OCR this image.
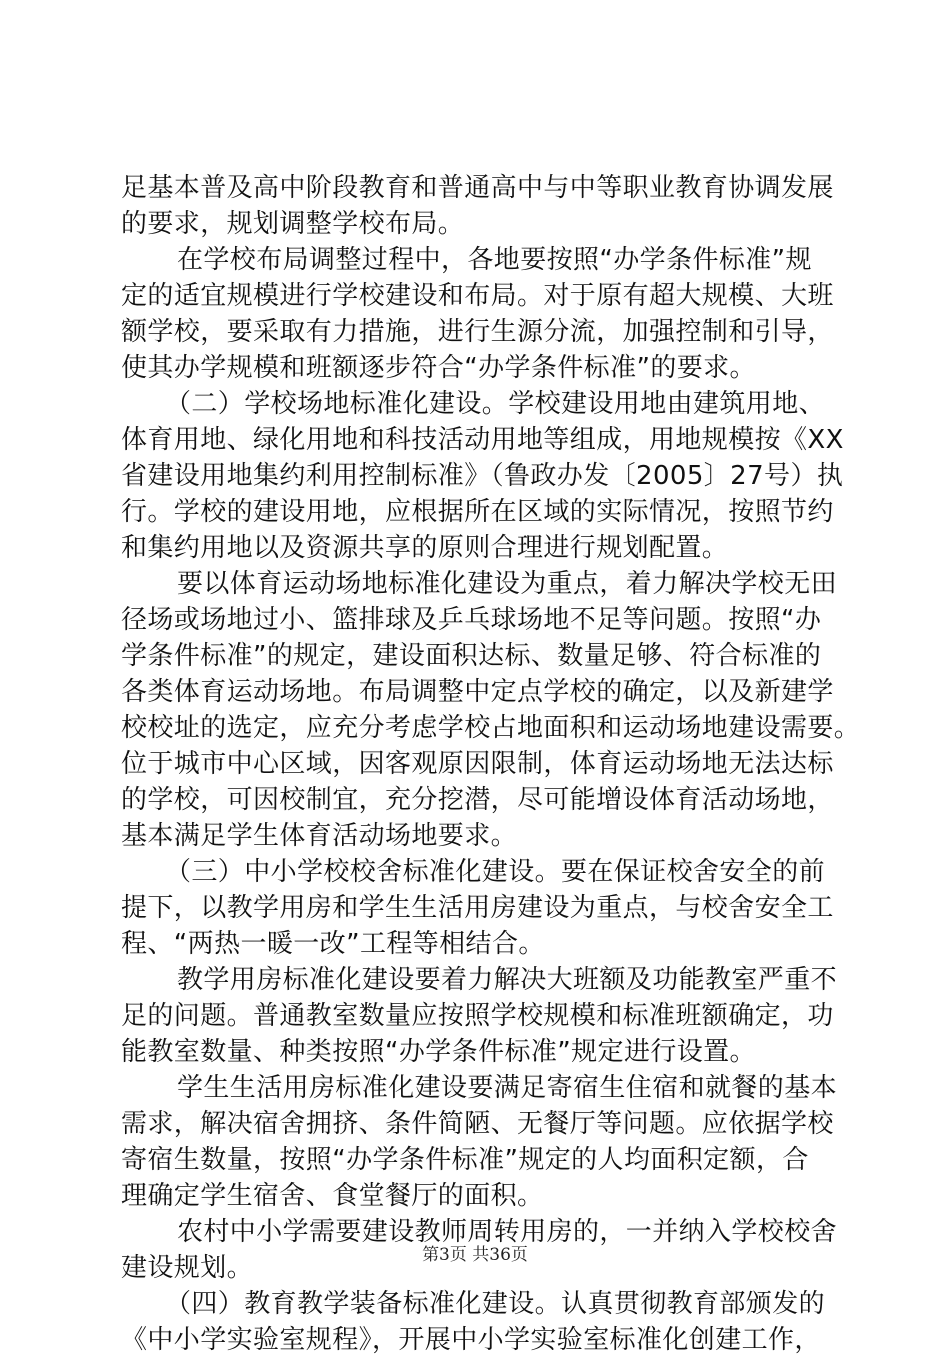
足基本普及高中阶段教育和普通高中与中等职业教育协调发展
的要求，规划调整学校布局。
在学校布局调整过程中，各地要按照“办学条件标准”规
定的适宜规模进行学校建设和布局。对于原有超大规模、大班
额学校，要采取有力措施，进行生源分流，加强控制和引导，
使其办学规模和班额逐步符合“办学条件标准”的要求。
（二）学校场地标准化建设。学校建设用地由建筑用地、
体育用地、绿化用地和科技活动用地等组成，用地规模按《XX
省建设用地集约利用控制标准》（鲁政办发〔2005〕27号）执
行。学校的建设用地，应根据所在区域的实际情况，按照节约
和集约用地以及资源共享的原则合理进行规划配置。
要以体育运动场地标准化建设为重点，着力解决学校无田
径场或场地过小、篮排球及乒乓球场地不足等问题。按照“办
学条件标准”的规定，建设面积达标、数量足够、符合标准的
各类体育运动场地。布局调整中定点学校的确定，以及新建学
校校址的选定，应充分考虑学校占地面积和运动场地建设需要。
位于城市中心区域，因客观原因限制，体育运动场地无法达标
的学校，可因校制宜，充分挖潜，尽可能增设体育活动场地，
基本满足学生体育活动场地要求。
（三）中小学校校舍标准化建设。要在保证校舍安全的前
提下，以教学用房和学生生活用房建设为重点，与校舍安全工
程、“两热一暖一改”工程等相结合。
教学用房标准化建设要着力解决大班额及功能教室严重不
足的问题。普通教室数量应按照学校规模和标准班额确定，功
能教室数量、种类按照“办学条件标准”规定进行设置。
学生生活用房标准化建设要满足寄宿生住宿和就餐的基本
需求，解决宿舍拥挤、条件简陋、无餐厅等问题。应依据学校
寄宿生数量，按照“办学条件标准”规定的人均面积定额，合
理确定学生宿舍、食堂餐厅的面积。
农村中小学需要建设教师周转用房的，一并纳入学校校舍
建设规划。
（四）教育教学装备标准化建设。认真贯彻教育部颁发的
《中小学实验室规程》，开展中小学实验室标准化创建工作，
第3页 共36页
